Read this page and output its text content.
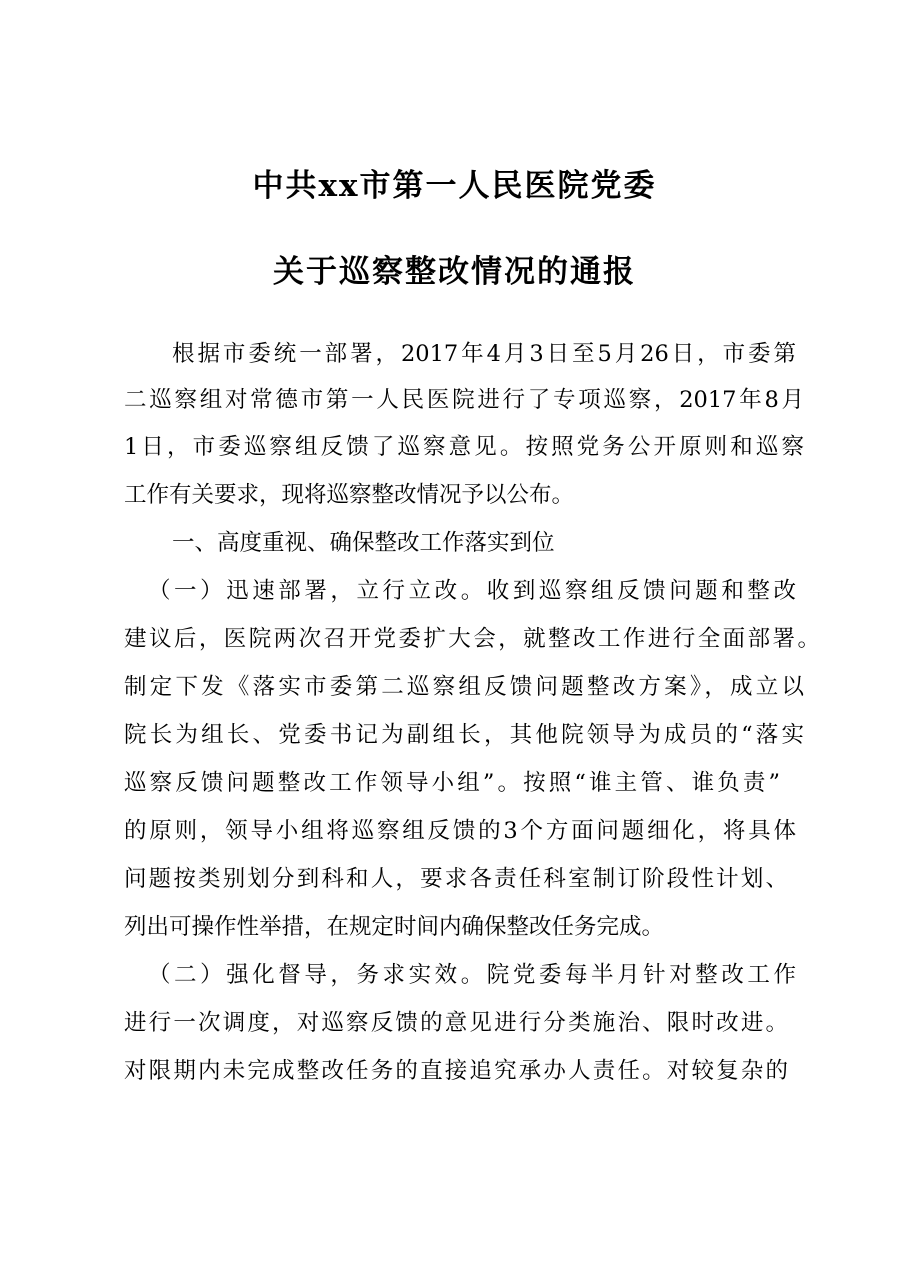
中共xx市第一人民医院党委
关于巡察整改情况的通报
根据市委统一部署，2017年4月3日至5月26日，市委第
二巡察组对常德市第一人民医院进行了专项巡察，2017年8月
1日，市委巡察组反馈了巡察意见。按照党务公开原则和巡察
工作有关要求，现将巡察整改情况予以公布。
一、高度重视、确保整改工作落实到位
（一）迅速部署，立行立改。收到巡察组反馈问题和整改
建议后，医院两次召开党委扩大会，就整改工作进行全面部署。
制定下发《落实市委第二巡察组反馈问题整改方案》，成立以
院长为组长、党委书记为副组长，其他院领导为成员的“落实
巡察反馈问题整改工作领导小组”。按照“谁主管、谁负责”
的原则，领导小组将巡察组反馈的3个方面问题细化，将具体
问题按类别划分到科和人，要求各责任科室制订阶段性计划、
列出可操作性举措，在规定时间内确保整改任务完成。
（二）强化督导，务求实效。院党委每半月针对整改工作
进行一次调度，对巡察反馈的意见进行分类施治、限时改进。
对限期内未完成整改任务的直接追究承办人责任。对较复杂的
